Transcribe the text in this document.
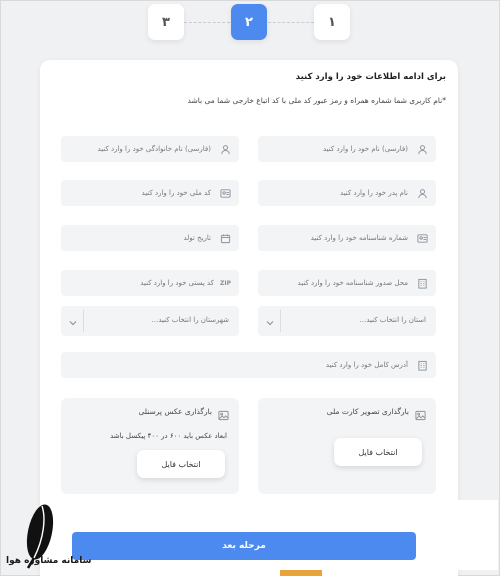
۳	۲	۱
برای ادامه اطلاعات خود را وارد کنید
*نام کاربری شما شماره همراه و رمز عبور کد ملی با کد اتباع خارجی شما می باشد
(فارسی) نام خود را وارد کنید
(فارسی) نام خانوادگی خود را وارد کنید
نام پدر خود را وارد کنید
کد ملی خود را وارد کنید
شماره شناسنامه خود را وارد کنید
تاریخ تولد
محل صدور شناسنامه خود را وارد کنید
ZIP
کد پستی خود را وارد کنید
استان را انتخاب کنید...
شهرستان را انتخاب کنید...
آدرس کامل خود را وارد کنید
بارگذاری تصویر کارت ملی
انتخاب فایل
بارگذاری عکس پرسنلی
ابعاد عکس باید ۶۰۰ در ۴۰۰ پیکسل باشد
انتخاب فایل
مرحله بعد
سامانه مشاوره هوا
